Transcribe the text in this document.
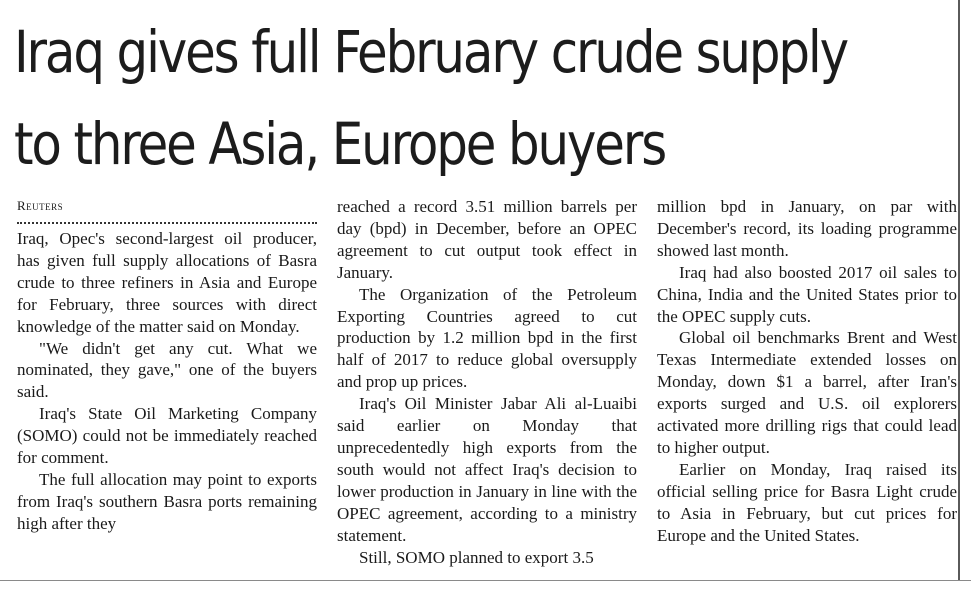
Iraq gives full February crude supply
to three Asia, Europe buyers
Reuters

Iraq, Opec's second-largest oil producer, has given full supply allocations of Basra crude to three refiners in Asia and Europe for February, three sources with direct knowledge of the matter said on Monday.

"We didn't get any cut. What we nominated, they gave," one of the buyers said.

Iraq's State Oil Marketing Company (SOMO) could not be immediately reached for comment.

The full allocation may point to exports from Iraq's southern Basra ports remaining high after they

reached a record 3.51 million barrels per day (bpd) in December, before an OPEC agreement to cut output took effect in January.

The Organization of the Petroleum Exporting Countries agreed to cut production by 1.2 million bpd in the first half of 2017 to reduce global oversupply and prop up prices.

Iraq's Oil Minister Jabar Ali al-Luaibi said earlier on Monday that unprecedentedly high exports from the south would not affect Iraq's decision to lower production in January in line with the OPEC agreement, according to a ministry statement.

Still, SOMO planned to export 3.5

million bpd in January, on par with December's record, its loading programme showed last month.

Iraq had also boosted 2017 oil sales to China, India and the United States prior to the OPEC supply cuts.

Global oil benchmarks Brent and West Texas Intermediate extended losses on Monday, down $1 a barrel, after Iran's exports surged and U.S. oil explorers activated more drilling rigs that could lead to higher output.

Earlier on Monday, Iraq raised its official selling price for Basra Light crude to Asia in February, but cut prices for Europe and the United States.
